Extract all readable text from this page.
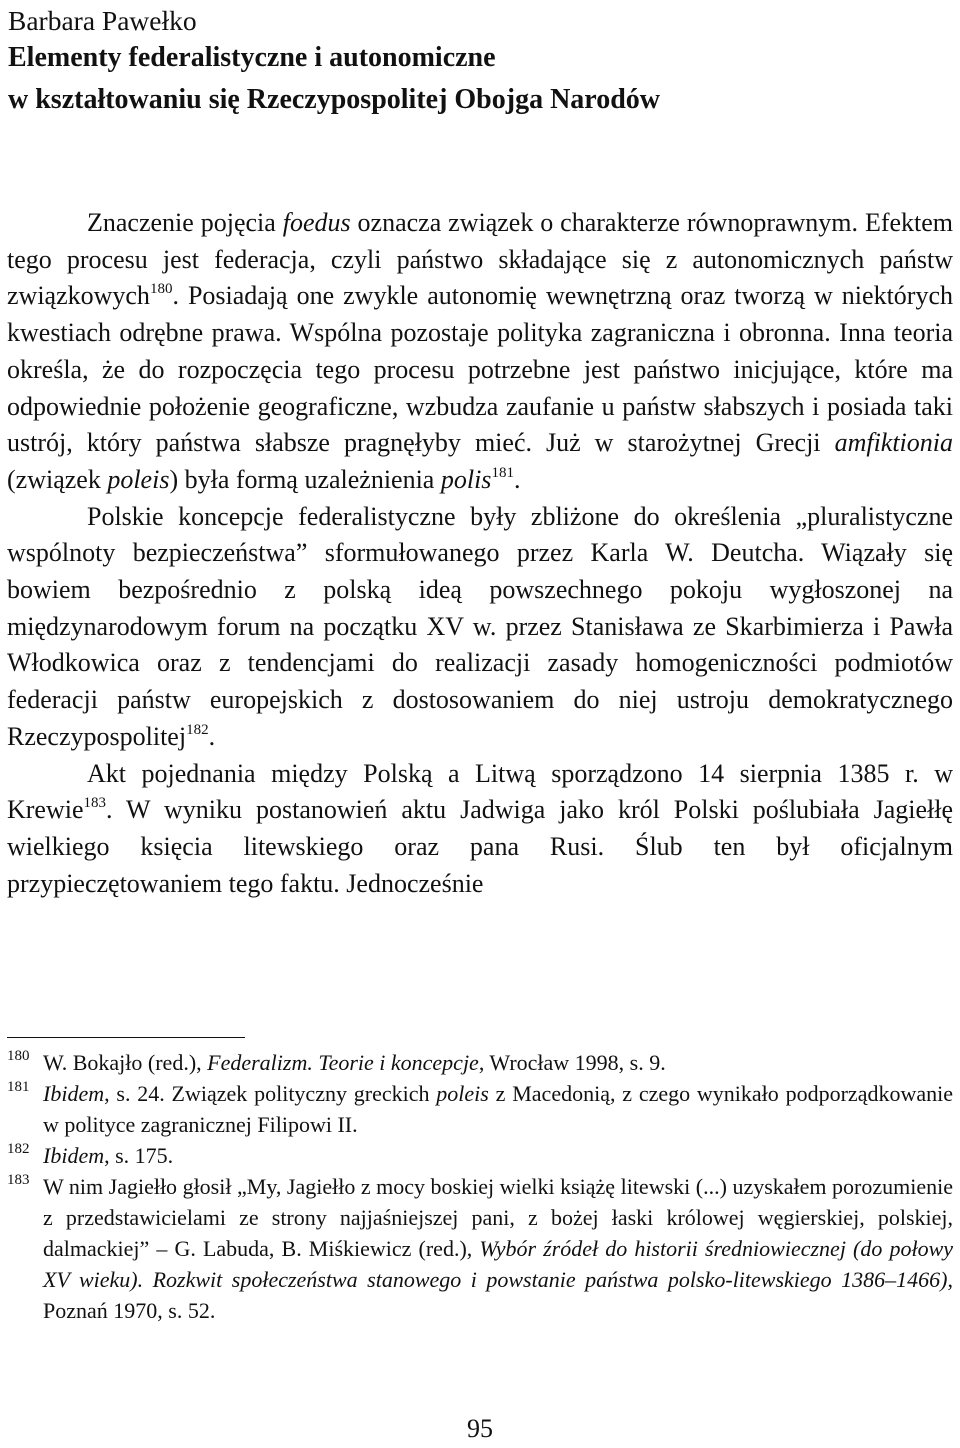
Barbara Pawełko
Elementy federalistyczne i autonomiczne
w kształtowaniu się Rzeczypospolitej Obojga Narodów

Znaczenie pojęcia foedus oznacza związek o charakterze równoprawnym. Efektem tego procesu jest federacja, czyli państwo składające się z autonomicznych państw związkowych$^{180}$. Posiadają one zwykle autonomię wewnętrzną oraz tworzą w niektórych kwestiach odrębne prawa. Wspólna pozostaje polityka zagraniczna i obronna. Inna teoria określa, że do rozpoczęcia tego procesu potrzebne jest państwo inicjujące, które ma odpowiednie położenie geograficzne, wzbudza zaufanie u państw słabszych i posiada taki ustrój, który państwa słabsze pragnęłyby mieć. Już w starożytnej Grecji amfiktionia (związek poleis) była formą uzależnienia polis$^{181}$.

Polskie koncepcje federalistyczne były zbliżone do określenia „pluralistyczne wspólnoty bezpieczeństwa” sformułowanego przez Karla W. Deutcha. Wiązały się bowiem bezpośrednio z polską ideą powszechnego pokoju wygłoszonej na międzynarodowym forum na początku XV w. przez Stanisława ze Skarbimierza i Pawła Włodkowica oraz z tendencjami do realizacji zasady homogeniczności podmiotów federacji państw europejskich z dostosowaniem do niej ustroju demokratycznego Rzeczypospolitej$^{182}$.

Akt pojednania między Polską a Litwą sporządzono 14 sierpnia 1385 r. w Krewie$^{183}$. W wyniku postanowień aktu Jadwiga jako król Polski poślubiała Jagiełłę wielkiego księcia litewskiego oraz pana Rusi. Ślub ten był oficjalnym przypieczętowaniem tego faktu. Jednocześnie

180 W. Bokajło (red.), Federalizm. Teorie i koncepcje, Wrocław 1998, s. 9.

181 Ibidem, s. 24. Związek polityczny greckich poleis z Macedonią, z czego wynikało podporządkowanie w polityce zagranicznej Filipowi II.

182 Ibidem, s. 175.

183 W nim Jagiełło głosił „My, Jagiełło z mocy boskiej wielki książę litewski (...) uzyskałem porozumienie z przedstawicielami ze strony najjaśniejszej pani, z bożej łaski królowej węgierskiej, polskiej, dalmackiej” – G. Labuda, B. Miśkiewicz (red.), Wybór źródeł do historii średniowiecznej (do połowy XV wieku). Rozkwit społeczeństwa stanowego i powstanie państwa polsko-litewskiego 1386–1466), Poznań 1970, s. 52.

95
